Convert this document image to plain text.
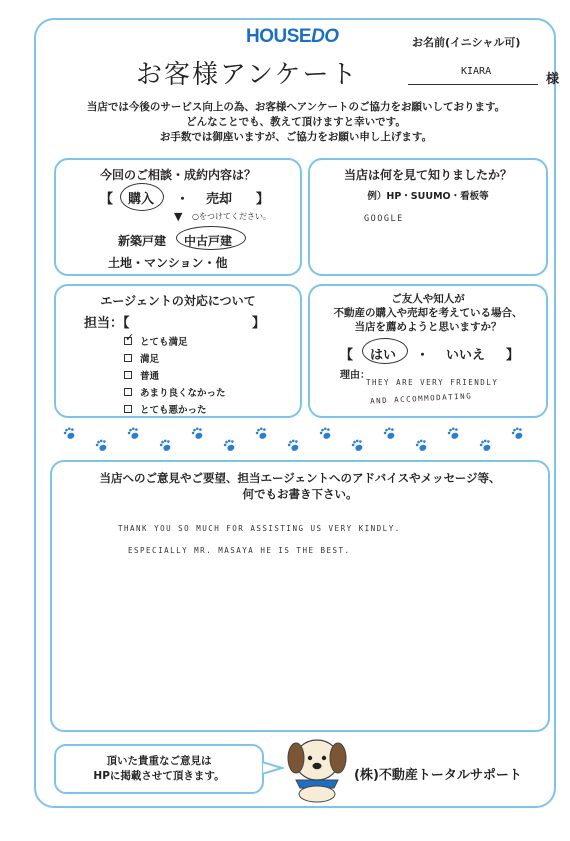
HOUSEDO
お客様アンケート
お名前(イニシャル可)
KIARA
様
当店では今後のサービス向上の為、お客様へアンケートのご協力をお願いしております。
どんなことでも、教えて頂けますと幸いです。
お手数では御座いますが、ご協力をお願い申し上げます。
今回のご相談・成約内容は？
【 購入 ・ 売却 】
▼ ○をつけてください。
新築戸建 中古戸建
土地・マンション・他
当店は何を見て知りましたか？
例）HP・SUUMO・看板等
GOOGLE
エージェントの対応について
担当：【	】
✓ とても満足
満足
普通
あまり良くなかった
とても悪かった
ご友人や知人が
不動産の購入や売却を考えている場合、
当店を薦めようと思いますか？
【 はい ・ いいえ 】
理由：
THEY ARE VERY FRIENDLY
AND ACCOMMODATING
当店へのご意見やご要望、担当エージェントへのアドバイスやメッセージ等、
何でもお書き下さい。
THANK YOU SO MUCH FOR ASSISTING US VERY KINDLY.
ESPECIALLY MR. MASAYA HE IS THE BEST.
頂いた貴重なご意見は
HPに掲載させて頂きます。	(株)不動産トータルサポート
